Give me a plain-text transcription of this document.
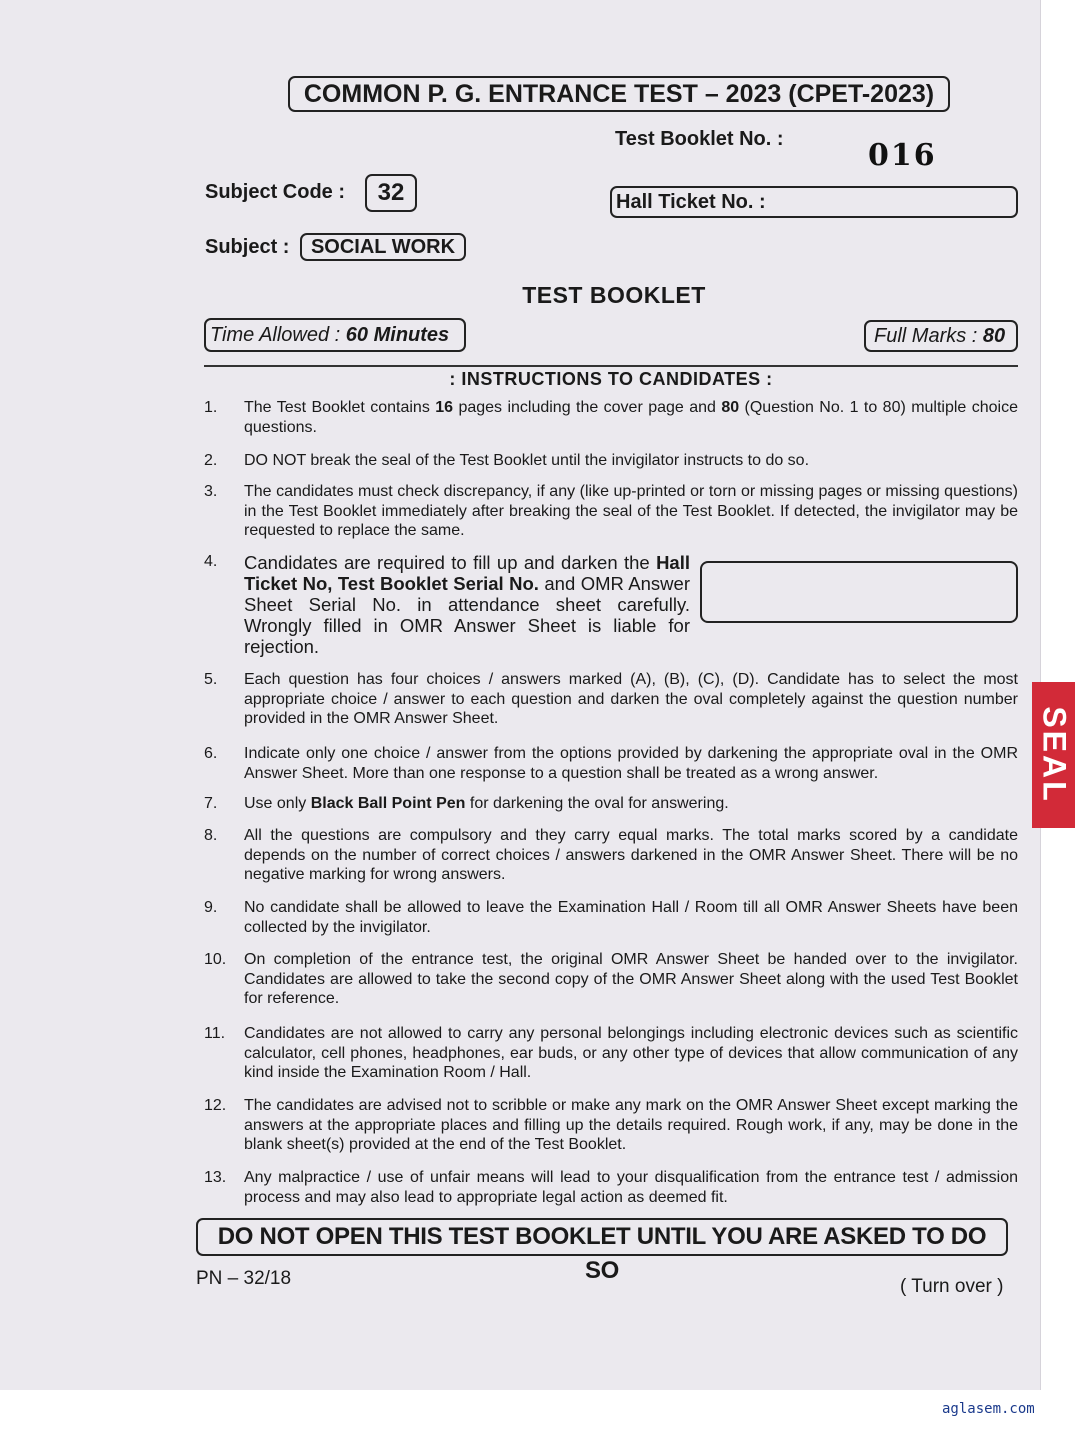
COMMON P. G. ENTRANCE TEST – 2023 (CPET-2023)
Test Booklet No. :	016
Subject Code :	32	Hall Ticket No. :
Subject :	SOCIAL WORK
TEST BOOKLET
Time Allowed : 60 Minutes	Full Marks : 80
: INSTRUCTIONS TO CANDIDATES :
1. The Test Booklet contains 16 pages including the cover page and 80 (Question No. 1 to 80) multiple choice questions.
2. DO NOT break the seal of the Test Booklet until the invigilator instructs to do so.
3. The candidates must check discrepancy, if any (like up-printed or torn or missing pages or missing questions) in the Test Booklet immediately after breaking the seal of the Test Booklet. If detected, the invigilator may be requested to replace the same.
4. Candidates are required to fill up and darken the Hall Ticket No, Test Booklet Serial No. and OMR Answer Sheet Serial No. in attendance sheet carefully. Wrongly filled in OMR Answer Sheet is liable for rejection.
5. Each question has four choices / answers marked (A), (B), (C), (D). Candidate has to select the most appropriate choice / answer to each question and darken the oval completely against the question number provided in the OMR Answer Sheet.
6. Indicate only one choice / answer from the options provided by darkening the appropriate oval in the OMR Answer Sheet. More than one response to a question shall be treated as a wrong answer.
7. Use only Black Ball Point Pen for darkening the oval for answering.
8. All the questions are compulsory and they carry equal marks. The total marks scored by a candidate depends on the number of correct choices / answers darkened in the OMR Answer Sheet. There will be no negative marking for wrong answers.
9. No candidate shall be allowed to leave the Examination Hall / Room till all OMR Answer Sheets have been collected by the invigilator.
10. On completion of the entrance test, the original OMR Answer Sheet be handed over to the invigilator. Candidates are allowed to take the second copy of the OMR Answer Sheet along with the used Test Booklet for reference.
11. Candidates are not allowed to carry any personal belongings including electronic devices such as scientific calculator, cell phones, headphones, ear buds, or any other type of devices that allow communication of any kind inside the Examination Room / Hall.
12. The candidates are advised not to scribble or make any mark on the OMR Answer Sheet except marking the answers at the appropriate places and filling up the details required. Rough work, if any, may be done in the blank sheet(s) provided at the end of the Test Booklet.
13. Any malpractice / use of unfair means will lead to your disqualification from the entrance test / admission process and may also lead to appropriate legal action as deemed fit.
DO NOT OPEN THIS TEST BOOKLET UNTIL YOU ARE ASKED TO DO SO
PN – 32/18	( Turn over )
SEAL
aglasem.com
